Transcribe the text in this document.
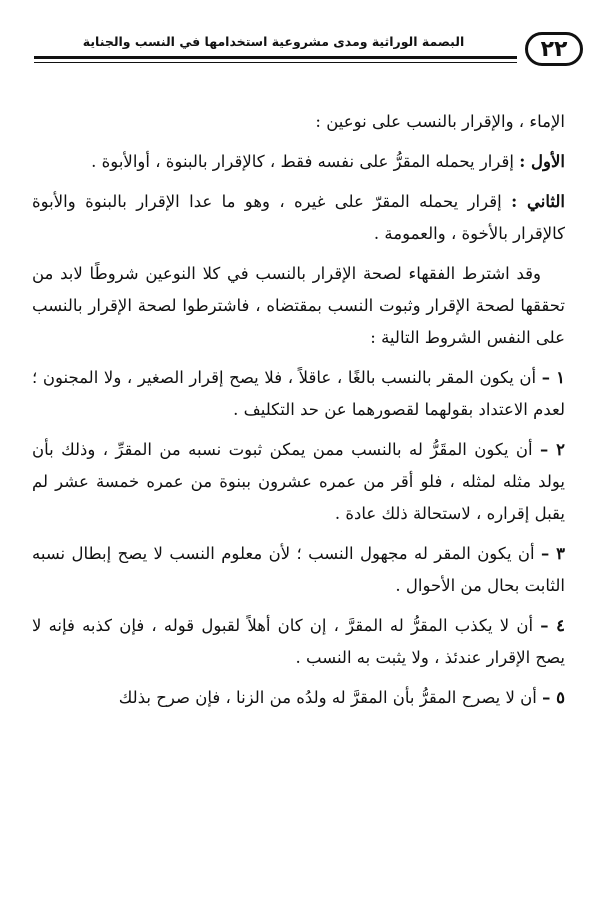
٢٢
البصمة الوراثية ومدى مشروعية استخدامها في النسب والجناية

الإماء ، والإقرار بالنسب على نوعين :

الأول : إقرار يحمله المقرُّ على نفسه فقط ، كالإقرار بالبنوة ، أوالأبوة .

الثاني : إقرار يحمله المقرّ على غيره ، وهو ما عدا الإقرار بالبنوة والأبوة كالإقرار بالأخوة ، والعمومة .

وقد اشترط الفقهاء لصحة الإقرار بالنسب في كلا النوعين شروطًا لابد من تحققها لصحة الإقرار وثبوت النسب بمقتضاه ، فاشترطوا لصحة الإقرار بالنسب على النفس الشروط التالية :

١ – أن يكون المقر بالنسب بالغًا ، عاقلاً ، فلا يصح إقرار الصغير ، ولا المجنون ؛ لعدم الاعتداد بقولهما لقصورهما عن حد التكليف .

٢ – أن يكون المقَرُّ له بالنسب ممن يمكن ثبوت نسبه من المقرِّ ، وذلك بأن يولد مثله لمثله ، فلو أقر من عمره عشرون ببنوة من عمره خمسة عشر لم يقبل إقراره ، لاستحالة ذلك عادة .

٣ – أن يكون المقر له مجهول النسب ؛ لأن معلوم النسب لا يصح إبطال نسبه الثابت بحال من الأحوال .

٤ – أن لا يكذب المقرُّ له المقرَّ ، إن كان أهلاً لقبول قوله ، فإن كذبه فإنه لا يصح الإقرار عندئذ ، ولا يثبت به النسب .

٥ – أن لا يصرح المقرُّ بأن المقرَّ له ولدُه من الزنا ، فإن صرح بذلك
